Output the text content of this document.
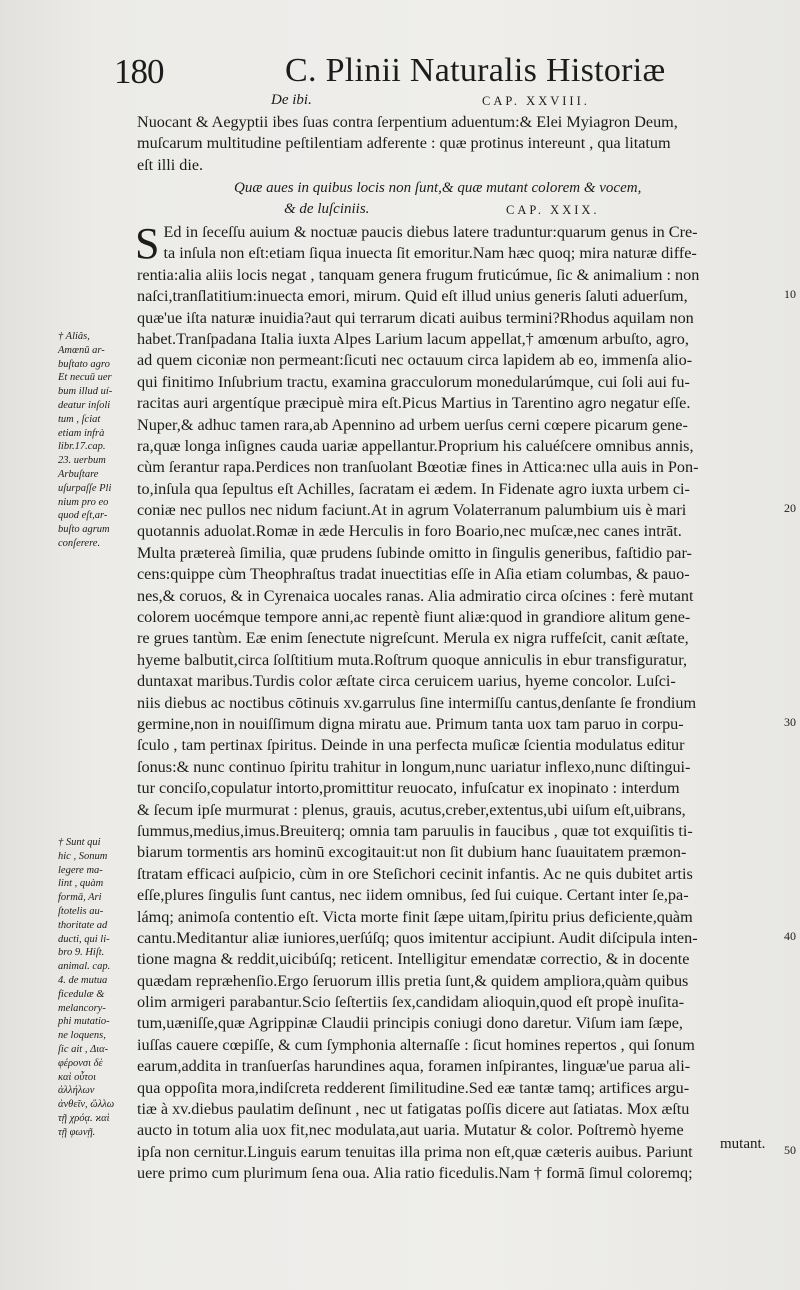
180	C. Plinii Naturalis Historiæ
De ibi.	CAP. XXVIII.
Nuocant & Aegyptii ibes ſuas contra ſerpentium aduentum:& Elei Myiagron Deum,
muſcarum multitudine peſtilentiam adferente : quæ protinus intereunt , qua litatum
eſt illi die.
Quæ aues in quibus locis non ſunt,& quæ mutant colorem & vocem,
& de luſciniis.	CAP. XXIX.
S Ed in ſeceſſu auium & noctuæ paucis diebus latere traduntur:quarum genus in Cre-
ta inſula non eſt:etiam ſiqua inuecta ſit emoritur.Nam hæc quoq; mira naturæ diffe-
rentia:alia aliis locis negat , tanquam genera frugum fruticúmue, ſic & animalium : non
naſci,tranſlatitium:inuecta emori, mirum. Quid eſt illud unius generis ſaluti aduerſum,
quæ'ue iſta naturæ inuidia?aut qui terrarum dicati auibus termini?Rhodus aquilam non
habet.Tranſpadana Italia iuxta Alpes Larium lacum appellat,† amœnum arbuſto, agro,
ad quem ciconiæ non permeant:ſicuti nec octauum circa lapidem ab eo, immenſa alio-
qui finitimo Inſubrium tractu, examina gracculorum monedularúmque, cui ſoli aui fu-
racitas auri argentíque præcipuè mira eſt.Picus Martius in Tarentino agro negatur eſſe.
Nuper,& adhuc tamen rara,ab Apennino ad urbem uerſus cerni cœpere picarum gene-
ra,quæ longa inſignes cauda uariæ appellantur.Proprium his caluéſcere omnibus annis,
cùm ſerantur rapa.Perdices non tranſuolant Bœotiæ fines in Attica:nec ulla auis in Pon-
to,inſula qua ſepultus eſt Achilles, ſacratam ei ædem. In Fidenate agro iuxta urbem ci-
coniæ nec pullos nec nidum faciunt.At in agrum Volaterranum palumbium uis è mari
quotannis aduolat.Romæ in æde Herculis in foro Boario,nec muſcæ,nec canes intrāt.
Multa prætereà ſimilia, quæ prudens ſubinde omitto in ſingulis generibus, faſtidio par-
cens:quippe cùm Theophraſtus tradat inuectitias eſſe in Aſia etiam columbas, & pauo-
nes,& coruos, & in Cyrenaica uocales ranas. Alia admiratio circa oſcines : ferè mutant
colorem uocémque tempore anni,ac repentè fiunt aliæ:quod in grandiore alitum gene-
re grues tantùm. Eæ enim ſenectute nigreſcunt. Merula ex nigra ruffeſcit, canit æſtate,
hyeme balbutit,circa ſolſtitium muta.Roſtrum quoque anniculis in ebur transfiguratur,
duntaxat maribus.Turdis color æſtate circa ceruicem uarius, hyeme concolor. Luſci-
niis diebus ac noctibus cōtinuis xv.garrulus ſine intermiſſu cantus,denſante ſe frondium
germine,non in nouiſſimum digna miratu aue. Primum tanta uox tam paruo in corpu-
ſculo , tam pertinax ſpiritus. Deinde in una perfecta muſicæ ſcientia modulatus editur
ſonus:& nunc continuo ſpiritu trahitur in longum,nunc uariatur inflexo,nunc diſtingui-
tur conciſo,copulatur intorto,promittitur reuocato, infuſcatur ex inopinato : interdum
& ſecum ipſe murmurat : plenus, grauis, acutus,creber,extentus,ubi uiſum eſt,uibrans,
ſummus,medius,imus.Breuiterq; omnia tam paruulis in faucibus , quæ tot exquiſitis ti-
biarum tormentis ars hominū excogitauit:ut non ſit dubium hanc ſuauitatem præmon-
ſtratam efficaci auſpicio, cùm in ore Steſichori cecinit infantis. Ac ne quis dubitet artis
eſſe,plures ſingulis ſunt cantus, nec iidem omnibus, ſed ſui cuique. Certant inter ſe,pa-
lámq; animoſa contentio eſt. Victa morte finit ſæpe uitam,ſpiritu prius deficiente,quàm
cantu.Meditantur aliæ iuniores,uerſúſq; quos imitentur accipiunt. Audit diſcipula inten-
tione magna & reddit,uicibúſq; reticent. Intelligitur emendatæ correctio, & in docente
quædam repræhenſio.Ergo ſeruorum illis pretia ſunt,& quidem ampliora,quàm quibus
olim armigeri parabantur.Scio ſeſtertiis ſex,candidam alioquin,quod eſt propè inuſita-
tum,uæniſſe,quæ Agrippinæ Claudii principis coniugi dono daretur. Viſum iam ſæpe,
iuſſas cauere cœpiſſe, & cum ſymphonia alternaſſe : ſicut homines repertos , qui ſonum
earum,addita in tranſuerſas harundines aqua, foramen inſpirantes, linguæ'ue parua ali-
qua oppoſita mora,indiſcreta redderent ſimilitudine.Sed eæ tantæ tamq; artifices argu-
tiæ à xv.diebus paulatim deſinunt , nec ut fatigatas poſſis dicere aut ſatiatas. Mox æſtu
aucto in totum alia uox fit,nec modulata,aut uaria. Mutatur & color. Poſtremò hyeme
ipſa non cernitur.Linguis earum tenuitas illa prima non eſt,quæ cæteris auibus. Pariunt
uere primo cum plurimum ſena oua. Alia ratio ficedulis.Nam † formā ſimul coloremq;
mutant.
10
20
30
40
50
† Aliâs,
Amœnū ar-
buſtato agro
Et necuū uer
bum illud uí-
deatur inſoli
tum , ſciat
etiam infrà
libr.17.cap.
23. uerbum
Arbuſtare
uſurpaſſe Pli
nium pro eo
quod eſt,ar-
buſto agrum
conſerere.
† Sunt qui
hic , Sonum
legere ma-
lint , quàm
formā, Ari
ſtotelis au-
thoritate ad
ducti, qui li-
bro 9. Hiſt.
animal. cap.
4. de mutua
ficedulæ &
melancory-
phi mutatio-
ne loquens,
ſic ait , Δια-
φέρονσι δὲ
καὶ οὗτοι
ἀλλήλων
ἀνθεῖν, ὥλλω
τῇ χρόᾳ. ϰαὶ
τῇ φωνῇ.
